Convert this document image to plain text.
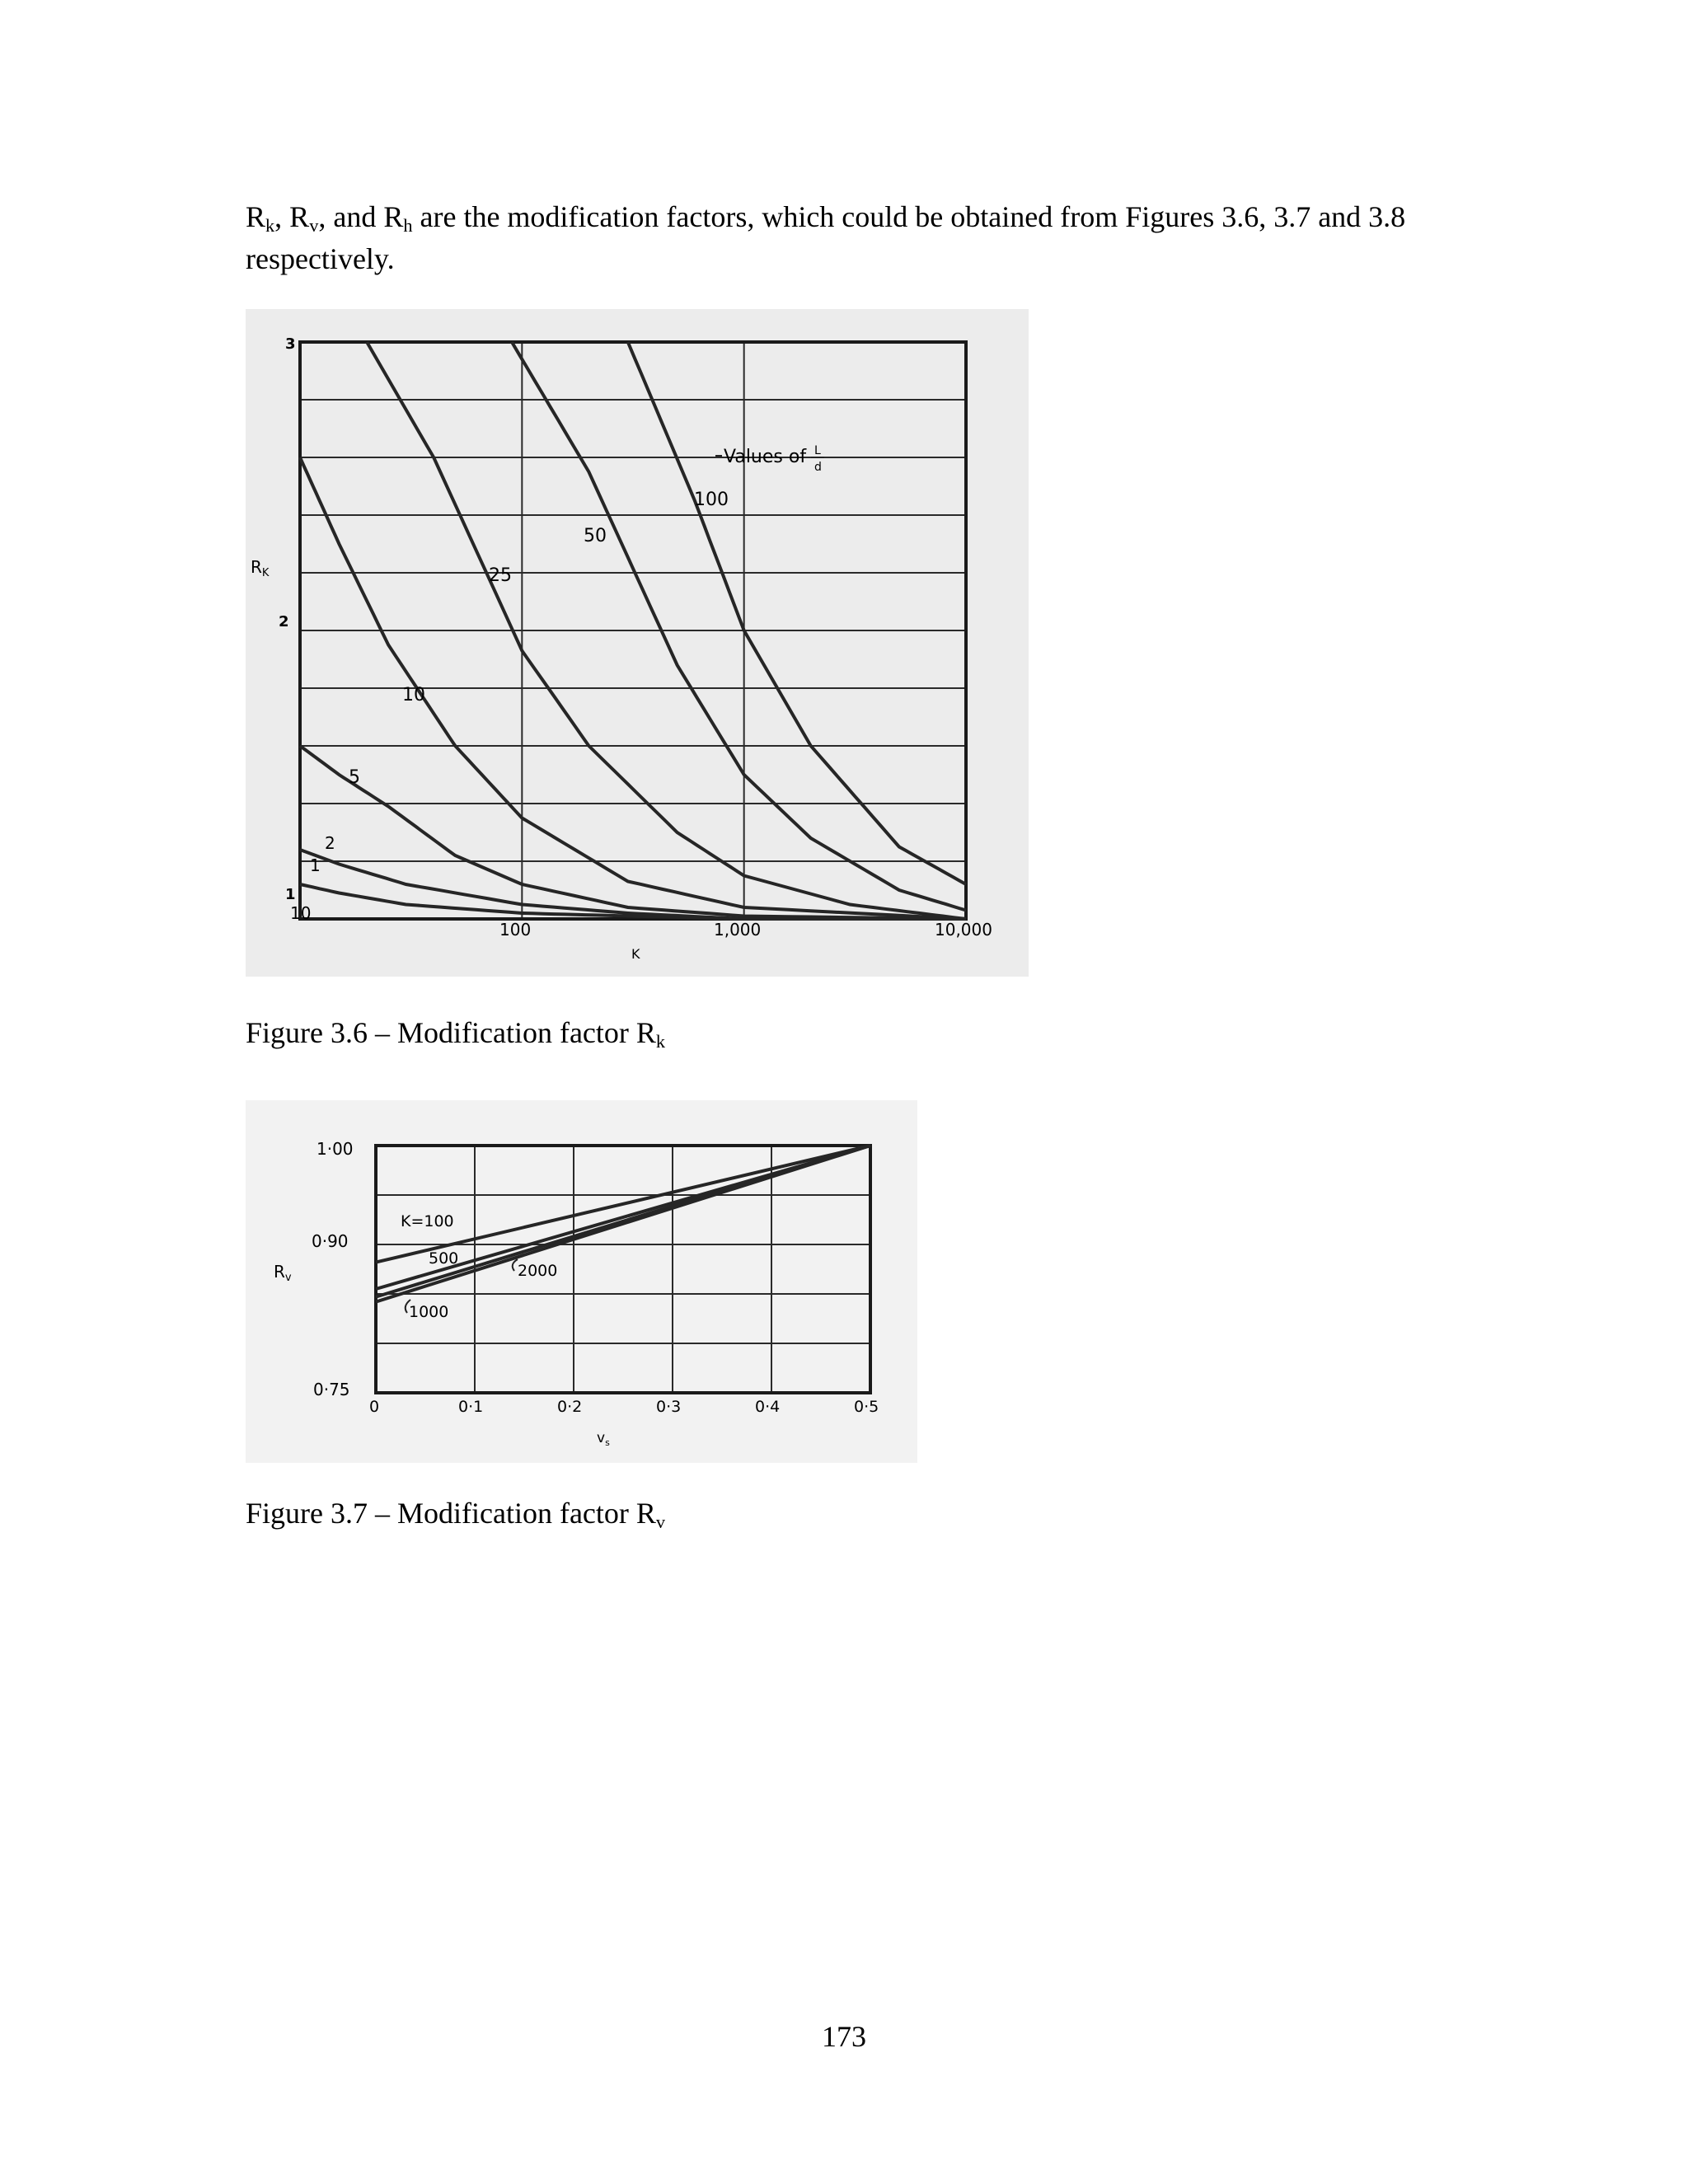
$R_k$, $R_v$, and $R_h$ are the modification factors, which could be obtained from Figures 3.6, 3.7 and 3.8 respectively.

3
2
1
$R_K$
10
100	1,000	10,000
K
Values of L
d
100
50
25
10
5
2
1

Figure 3.6 – Modification factor $R_k$

1·00
0·90
0·75
$R_v$
0	0·1	0·2	0·3	0·4	0·5
$v_s$
K=100
500
2000
1000

Figure 3.7 – Modification factor $R_v$

173
